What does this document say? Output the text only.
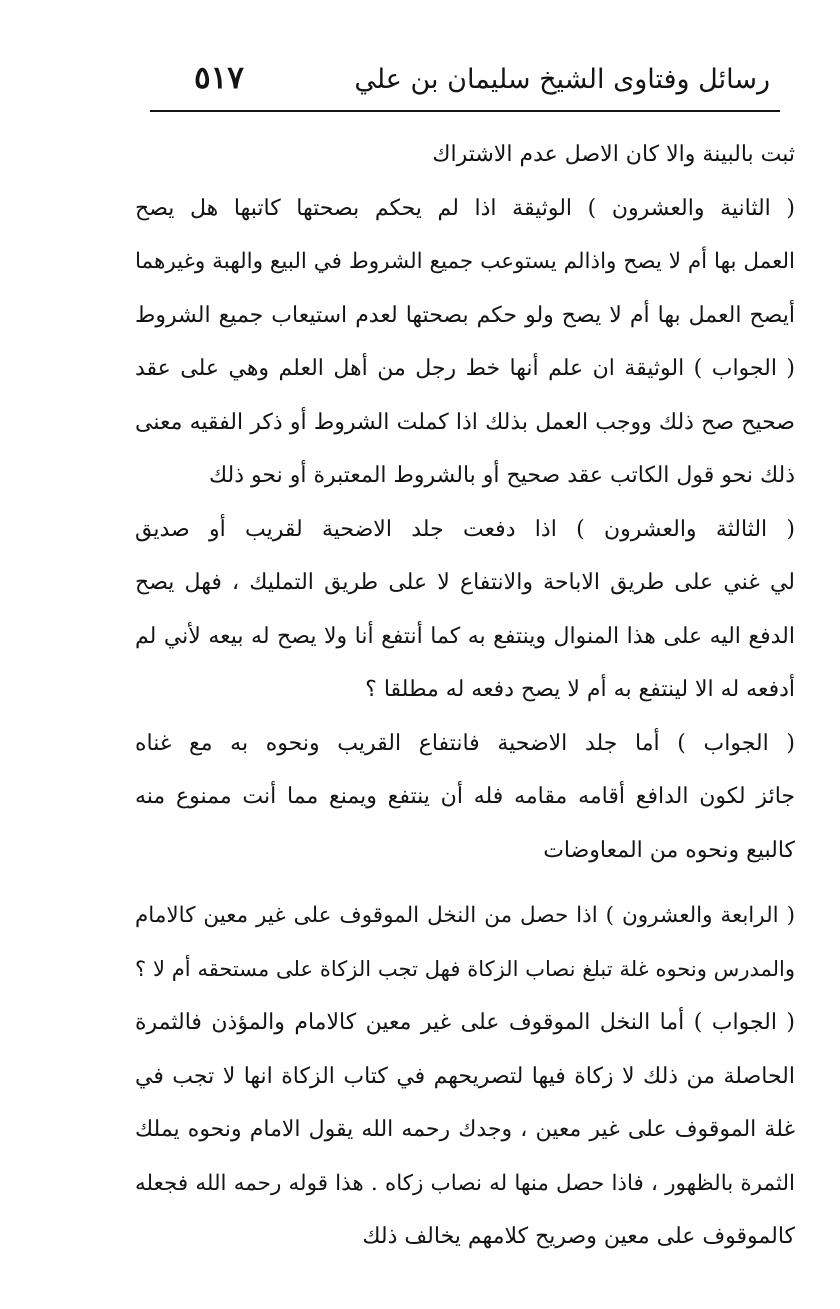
رسائل وفتاوى الشيخ سليمان بن علي
٥١٧
ثبت بالبينة والا كان الاصل عدم الاشتراك
( الثانية والعشرون ) الوثيقة اذا لم يحكم بصحتها كاتبها هل يصح
العمل بها أم لا يصح واذالم يستوعب جميع الشروط في البيع والهبة وغيرهما
أيصح العمل بها أم لا يصح ولو حكم بصحتها لعدم استيعاب جميع الشروط
( الجواب ) الوثيقة ان علم أنها خط رجل من أهل العلم وهي على عقد
صحيح صح ذلك ووجب العمل بذلك اذا كملت الشروط أو ذكر الفقيه معنى
ذلك نحو قول الكاتب عقد صحيح أو بالشروط المعتبرة أو نحو ذلك
( الثالثة والعشرون ) اذا دفعت جلد الاضحية لقريب أو صديق
لي غني على طريق الاباحة والانتفاع لا على طريق التمليك ، فهل يصح
الدفع اليه على هذا المنوال وينتفع به كما أنتفع أنا ولا يصح له بيعه لأني لم
أدفعه له الا لينتفع به أم لا يصح دفعه له مطلقا ؟
( الجواب ) أما جلد الاضحية فانتفاع القريب ونحوه به مع غناه
جائز لكون الدافع أقامه مقامه فله أن ينتفع ويمنع مما أنت ممنوع منه
كالبيع ونحوه من المعاوضات
( الرابعة والعشرون ) اذا حصل من النخل الموقوف على غير معين كالامام
والمدرس ونحوه غلة تبلغ نصاب الزكاة فهل تجب الزكاة على مستحقه أم لا ؟
( الجواب ) أما النخل الموقوف على غير معين كالامام والمؤذن فالثمرة
الحاصلة من ذلك لا زكاة فيها لتصريحهم في كتاب الزكاة انها لا تجب في
غلة الموقوف على غير معين ، وجدك رحمه الله يقول الامام ونحوه يملك
الثمرة بالظهور ، فاذا حصل منها له نصاب زكاه . هذا قوله رحمه الله فجعله
كالموقوف على معين وصريح كلامهم يخالف ذلك
